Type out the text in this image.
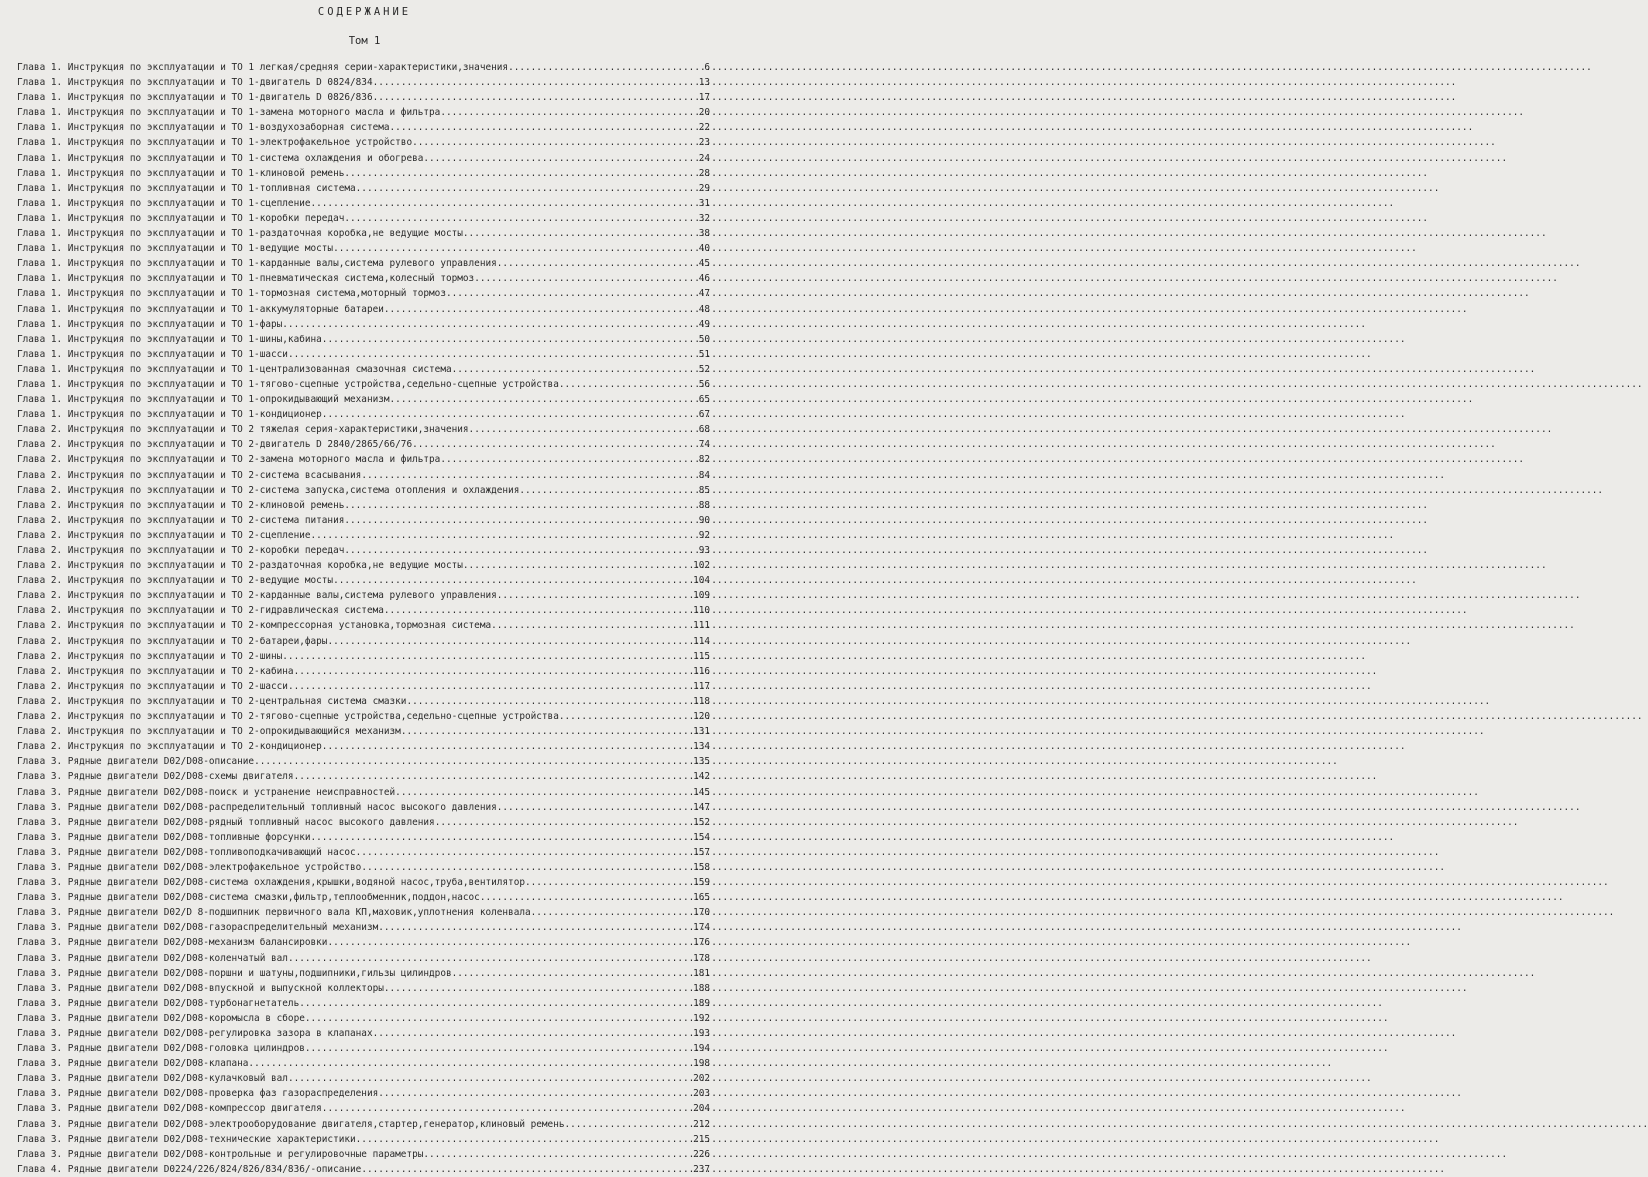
СОДЕРЖАНИЕ
Том 1
Глава 1. Инструкция по эксплуатации и ТО 1 легкая/средняя серии-характеристики,значения .....	6
Глава 1. Инструкция по эксплуатации и ТО 1-двигатель D 0824/834 .....	13
Глава 1. Инструкция по эксплуатации и ТО 1-двигатель D 0826/836 .....	17
Глава 1. Инструкция по эксплуатации и ТО 1-замена моторного масла и фильтра .....	20
Глава 1. Инструкция по эксплуатации и ТО 1-воздухозаборная система .....	22
Глава 1. Инструкция по эксплуатации и ТО 1-электрофакельное устройство .....	23
Глава 1. Инструкция по эксплуатации и ТО 1-система охлаждения и обогрева .....	24
Глава 1. Инструкция по эксплуатации и ТО 1-клиновой ремень .....	28
Глава 1. Инструкция по эксплуатации и ТО 1-топливная система .....	29
Глава 1. Инструкция по эксплуатации и ТО 1-сцепление .....	31
Глава 1. Инструкция по эксплуатации и ТО 1-коробки передач .....	32
Глава 1. Инструкция по эксплуатации и ТО 1-раздаточная коробка,не ведущие мосты .....	38
Глава 1. Инструкция по эксплуатации и ТО 1-ведущие мосты .....	40
Глава 1. Инструкция по эксплуатации и ТО 1-карданные валы,система рулевого управления .....	45
Глава 1. Инструкция по эксплуатации и ТО 1-пневматическая система,колесный тормоз .....	46
Глава 1. Инструкция по эксплуатации и ТО 1-тормозная система,моторный тормоз .....	47
Глава 1. Инструкция по эксплуатации и ТО 1-аккумуляторные батареи .....	48
Глава 1. Инструкция по эксплуатации и ТО 1-фары .....	49
Глава 1. Инструкция по эксплуатации и ТО 1-шины,кабина .....	50
Глава 1. Инструкция по эксплуатации и ТО 1-шасси .....	51
Глава 1. Инструкция по эксплуатации и ТО 1-централизованная смазочная система .....	52
Глава 1. Инструкция по эксплуатации и ТО 1-тягово-сцепные устройства,седельно-сцепные устройства .....	56
Глава 1. Инструкция по эксплуатации и ТО 1-опрокидывающий механизм .....	65
Глава 1. Инструкция по эксплуатации и ТО 1-кондиционер .....	67
Глава 2. Инструкция по эксплуатации и ТО 2 тяжелая серия-характеристики,значения .....	68
Глава 2. Инструкция по эксплуатации и ТО 2-двигатель D 2840/2865/66/76 .....	74
Глава 2. Инструкция по эксплуатации и ТО 2-замена моторного масла и фильтра .....	82
Глава 2. Инструкция по эксплуатации и ТО 2-система всасывания .....	84
Глава 2. Инструкция по эксплуатации и ТО 2-система запуска,система отопления и охлаждения .....	85
Глава 2. Инструкция по эксплуатации и ТО 2-клиновой ремень .....	88
Глава 2. Инструкция по эксплуатации и ТО 2-система питания .....	90
Глава 2. Инструкция по эксплуатации и ТО 2-сцепление .....	92
Глава 2. Инструкция по эксплуатации и ТО 2-коробки передач .....	93
Глава 2. Инструкция по эксплуатации и ТО 2-раздаточная коробка,не ведущие мосты .....	102
Глава 2. Инструкция по эксплуатации и ТО 2-ведущие мосты .....	104
Глава 2. Инструкция по эксплуатации и ТО 2-карданные валы,система рулевого управления .....	109
Глава 2. Инструкция по эксплуатации и ТО 2-гидравлическая система .....	110
Глава 2. Инструкция по эксплуатации и ТО 2-компрессорная установка,тормозная система .....	111
Глава 2. Инструкция по эксплуатации и ТО 2-батареи,фары .....	114
Глава 2. Инструкция по эксплуатации и ТО 2-шины .....	115
Глава 2. Инструкция по эксплуатации и ТО 2-кабина .....	116
Глава 2. Инструкция по эксплуатации и ТО 2-шасси .....	117
Глава 2. Инструкция по эксплуатации и ТО 2-центральная система смазки .....	118
Глава 2. Инструкция по эксплуатации и ТО 2-тягово-сцепные устройства,седельно-сцепные устройства .....	120
Глава 2. Инструкция по эксплуатации и ТО 2-опрокидывающийся механизм .....	131
Глава 2. Инструкция по эксплуатации и ТО 2-кондиционер .....	134
Глава 3. Рядные двигатели D02/D08-описание .....	135
Глава 3. Рядные двигатели D02/D08-схемы двигателя .....	142
Глава 3. Рядные двигатели D02/D08-поиск и устранение неисправностей .....	145
Глава 3. Рядные двигатели D02/D08-распределительный топливный насос высокого давления .....	147
Глава 3. Рядные двигатели D02/D08-рядный топливный насос высокого давления .....	152
Глава 3. Рядные двигатели D02/D08-топливные форсунки .....	154
Глава 3. Рядные двигатели D02/D08-топливоподкачивающий насос .....	157
Глава 3. Рядные двигатели D02/D08-электрофакельное устройство .....	158
Глава 3. Рядные двигатели D02/D08-система охлаждения,крышки,водяной насос,труба,вентилятор .....	159
Глава 3. Рядные двигатели D02/D08-система смазки,фильтр,теплообменник,поддон,насос .....	165
Глава 3. Рядные двигатели D02/D 8-подшипник первичного вала КП,маховик,уплотнения коленвала .....	170
Глава 3. Рядные двигатели D02/D08-газораспределительный механизм .....	174
Глава 3. Рядные двигатели D02/D08-механизм балансировки .....	176
Глава 3. Рядные двигатели D02/D08-коленчатый вал .....	178
Глава 3. Рядные двигатели D02/D08-поршни и шатуны,подшипники,гильзы цилиндров .....	181
Глава 3. Рядные двигатели D02/D08-впускной и выпускной коллекторы .....	188
Глава 3. Рядные двигатели D02/D08-турбонагнетатель .....	189
Глава 3. Рядные двигатели D02/D08-коромысла в сборе .....	192
Глава 3. Рядные двигатели D02/D08-регулировка зазора в клапанах .....	193
Глава 3. Рядные двигатели D02/D08-головка цилиндров .....	194
Глава 3. Рядные двигатели D02/D08-клапана .....	198
Глава 3. Рядные двигатели D02/D08-кулачковый вал .....	202
Глава 3. Рядные двигатели D02/D08-проверка фаз газораспределения .....	203
Глава 3. Рядные двигатели D02/D08-компрессор двигателя .....	204
Глава 3. Рядные двигатели D02/D08-электрооборудование двигателя,стартер,генератор,клиновый ремень .....	212
Глава 3. Рядные двигатели D02/D08-технические характеристики .....	215
Глава 3. Рядные двигатели D02/D08-контрольные и регулировочные параметры .....	226
Глава 4. Рядные двигатели D0224/226/824/826/834/836/-описание .....	237
